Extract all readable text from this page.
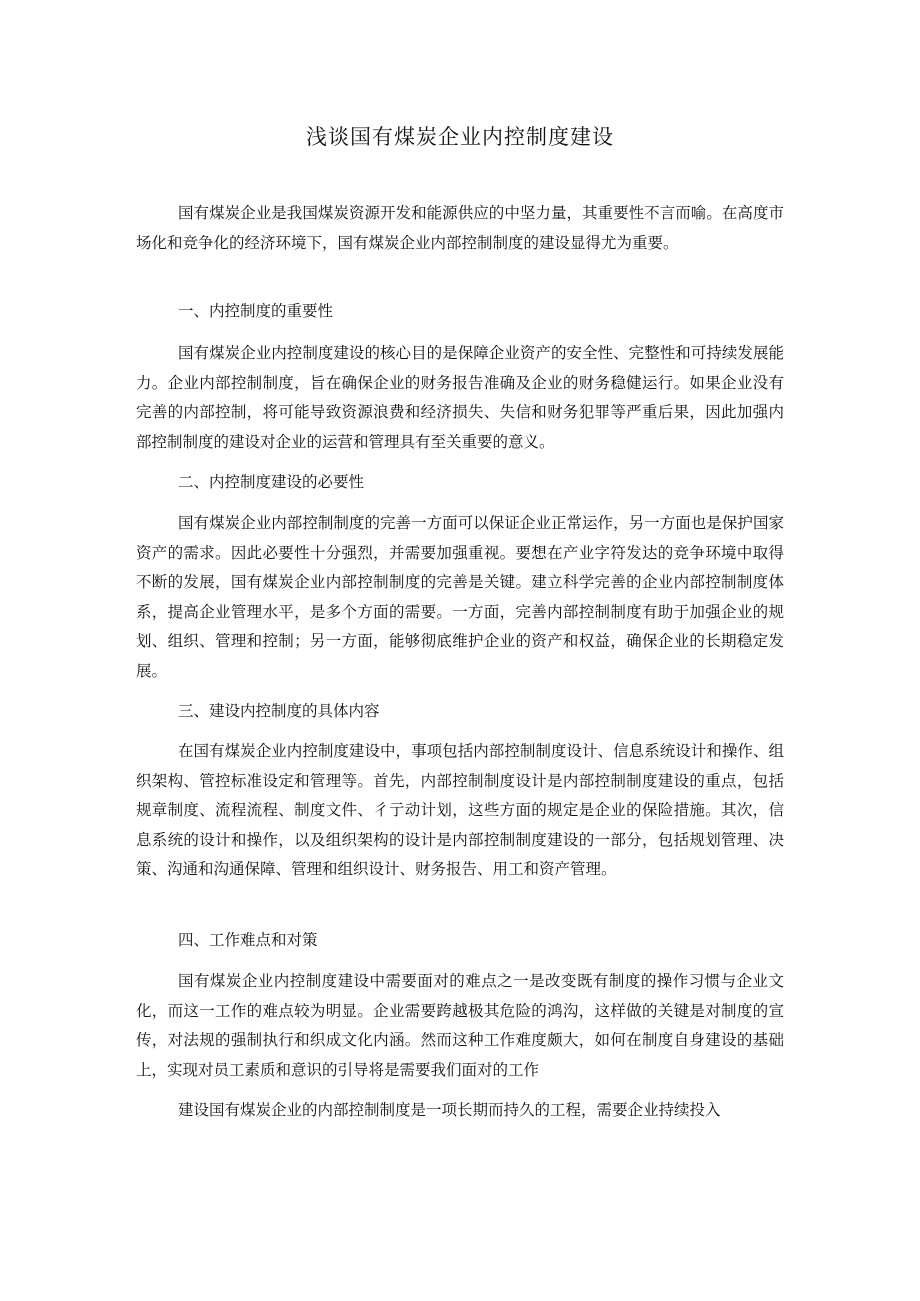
浅谈国有煤炭企业内控制度建设

国有煤炭企业是我国煤炭资源开发和能源供应的中坚力量，其重要性不言而喻。在高度市场化和竞争化的经济环境下，国有煤炭企业内部控制制度的建设显得尤为重要。

一、内控制度的重要性

国有煤炭企业内控制度建设的核心目的是保障企业资产的安全性、完整性和可持续发展能力。企业内部控制制度，旨在确保企业的财务报告准确及企业的财务稳健运行。如果企业没有完善的内部控制，将可能导致资源浪费和经济损失、失信和财务犯罪等严重后果，因此加强内部控制制度的建设对企业的运营和管理具有至关重要的意义。

二、内控制度建设的必要性

国有煤炭企业内部控制制度的完善一方面可以保证企业正常运作，另一方面也是保护国家资产的需求。因此必要性十分强烈，并需要加强重视。要想在产业字符发达的竞争环境中取得不断的发展，国有煤炭企业内部控制制度的完善是关键。建立科学完善的企业内部控制制度体系，提高企业管理水平，是多个方面的需要。一方面，完善内部控制制度有助于加强企业的规划、组织、管理和控制；另一方面，能够彻底维护企业的资产和权益，确保企业的长期稳定发展。

三、建设内控制度的具体内容

在国有煤炭企业内控制度建设中，事项包括内部控制制度设计、信息系统设计和操作、组织架构、管控标准设定和管理等。首先，内部控制制度设计是内部控制制度建设的重点，包括规章制度、流程流程、制度文件、彳亍动计划，这些方面的规定是企业的保险措施。其次，信息系统的设计和操作，以及组织架构的设计是内部控制制度建设的一部分，包括规划管理、决策、沟通和沟通保障、管理和组织设计、财务报告、用工和资产管理。

四、工作难点和对策

国有煤炭企业内控制度建设中需要面对的难点之一是改变既有制度的操作习惯与企业文化，而这一工作的难点较为明显。企业需要跨越极其危险的鸿沟，这样做的关键是对制度的宣传，对法规的强制执行和织成文化内涵。然而这种工作难度颇大，如何在制度自身建设的基础上，实现对员工素质和意识的引导将是需要我们面对的工作

建设国有煤炭企业的内部控制制度是一项长期而持久的工程，需要企业持续投入
